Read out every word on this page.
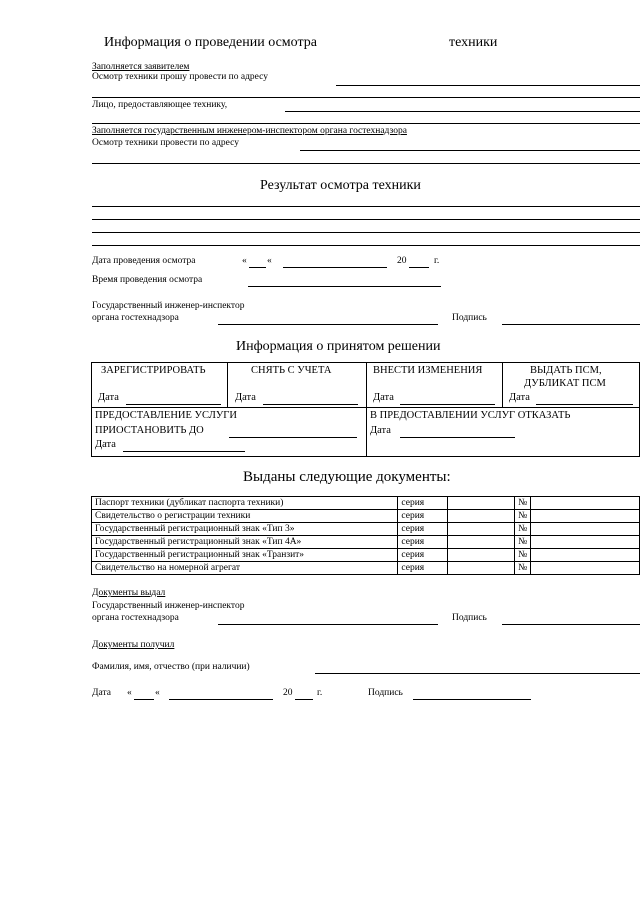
Информация о проведении осмотра	техники
Заполняется заявителем
Осмотр техники прошу провести по адресу
Лицо, предоставляющее технику,
Заполняется государственным инженером-инспектором органа гостехнадзора
Осмотр техники провести по адресу
Результат осмотра техники
Дата проведения осмотра	« «	20	г.
Время проведения осмотра
Государственный инженер-инспектор
органа гостехнадзора	Подпись
Информация о принятом решении
ЗАРЕГИСТРИРОВАТЬ	СНЯТЬ С УЧЕТА	ВНЕСТИ ИЗМЕНЕНИЯ	ВЫДАТЬ ПСМ,
ДУБЛИКАТ ПСМ
Дата	Дата	Дата	Дата
ПРЕДОСТАВЛЕНИЕ УСЛУГИ
ПРИОСТАНОВИТЬ ДО
Дата
В ПРЕДОСТАВЛЕНИИ УСЛУГ ОТКАЗАТЬ
Дата
Выданы следующие документы:
Паспорт техники (дубликат паспорта техники)	серия		№	
Свидетельство о регистрации техники	серия		№	
Государственный регистрационный знак «Тип 3»	серия		№	
Государственный регистрационный знак «Тип 4А»	серия		№	
Государственный регистрационный знак «Транзит»	серия		№	
Свидетельство на номерной агрегат	серия		№	
Документы выдал
Государственный инженер-инспектор
органа гостехнадзора	Подпись
Документы получил
Фамилия, имя, отчество (при наличии)
Дата « «	20	г.	Подпись
